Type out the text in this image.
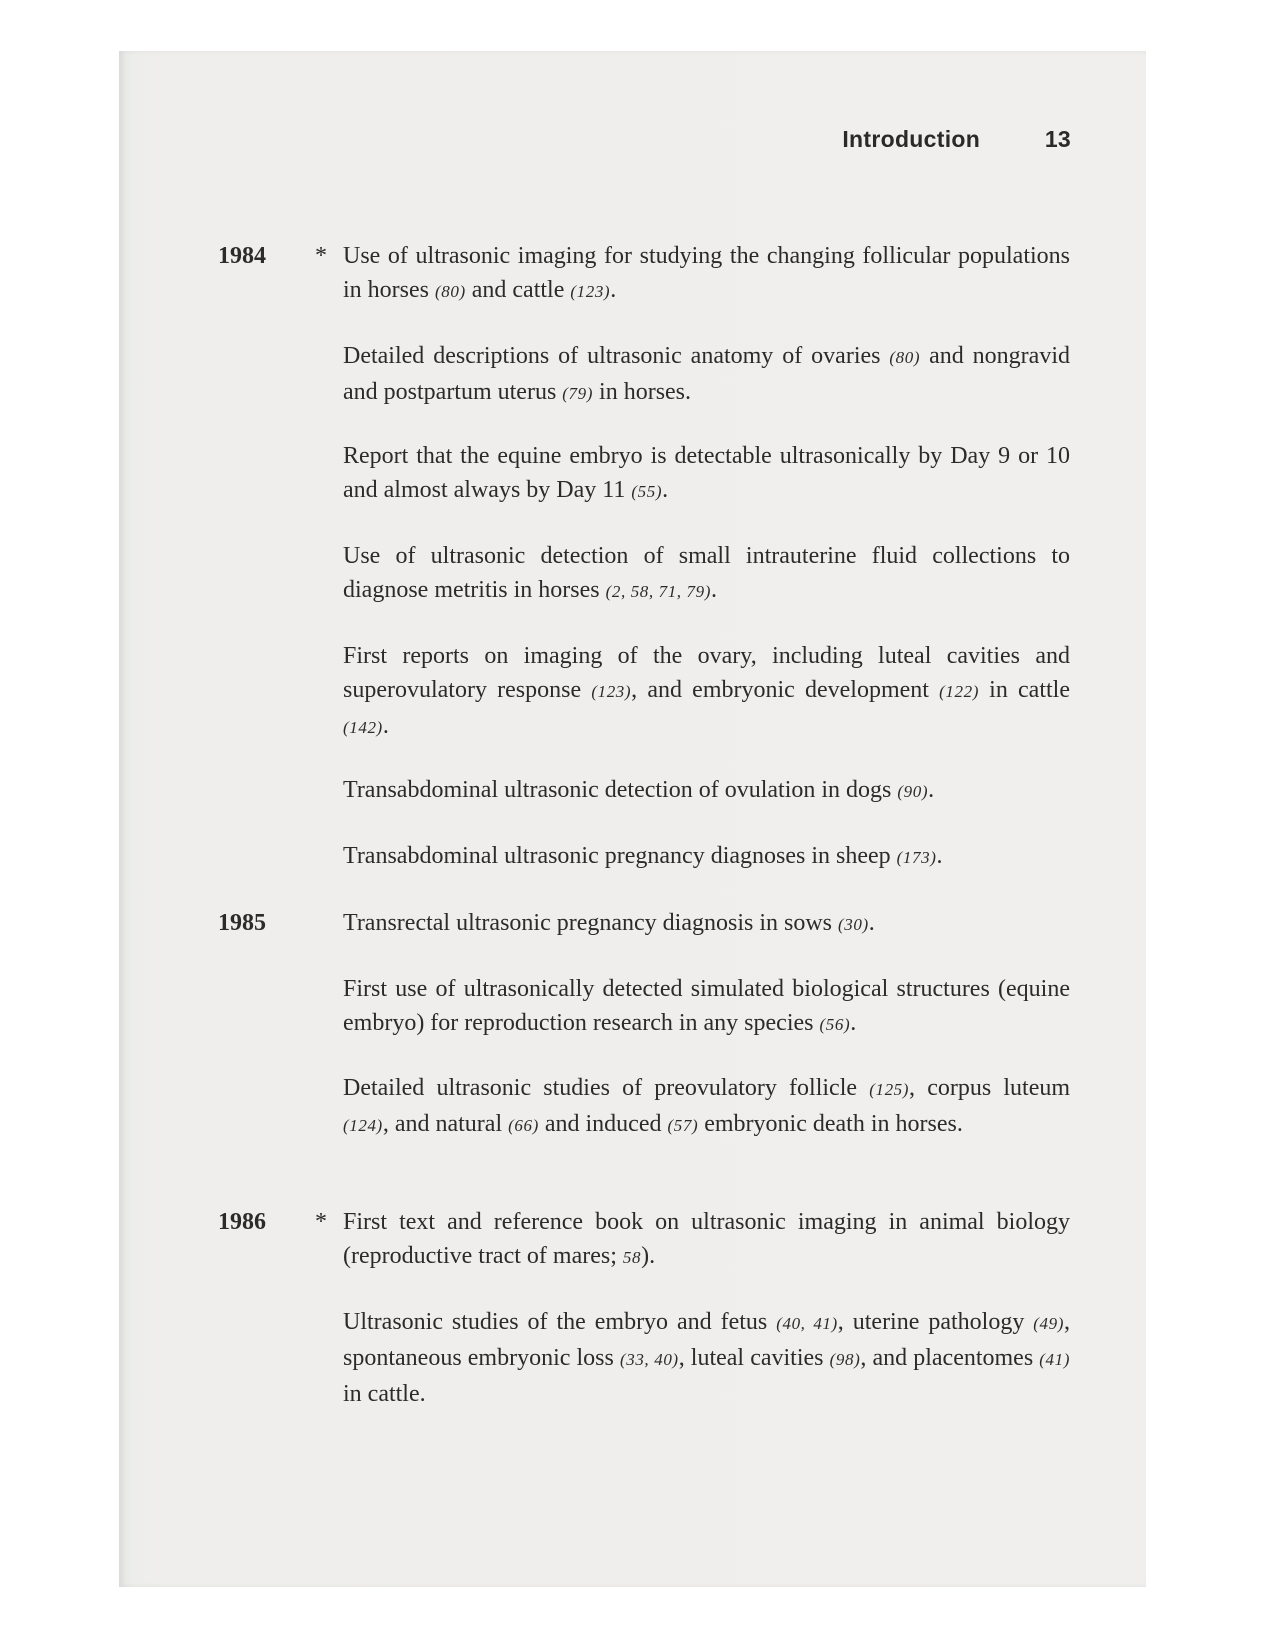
Introduction	13
1984 * Use of ultrasonic imaging for studying the changing follicular populations in horses (80) and cattle (123).
Detailed descriptions of ultrasonic anatomy of ovaries (80) and nongravid and postpartum uterus (79) in horses.
Report that the equine embryo is detectable ultrasonically by Day 9 or 10 and almost always by Day 11 (55).
Use of ultrasonic detection of small intrauterine fluid collections to diagnose metritis in horses (2, 58, 71, 79).
First reports on imaging of the ovary, including luteal cavities and superovulatory response (123), and embryonic development (122) in cattle (142).
Transabdominal ultrasonic detection of ovulation in dogs (90).
Transabdominal ultrasonic pregnancy diagnoses in sheep (173).
1985	Transrectal ultrasonic pregnancy diagnosis in sows (30).
First use of ultrasonically detected simulated biological structures (equine embryo) for reproduction research in any species (56).
Detailed ultrasonic studies of preovulatory follicle (125), corpus luteum (124), and natural (66) and induced (57) embryonic death in horses.
1986 * First text and reference book on ultrasonic imaging in animal biology (reproductive tract of mares; 58).
Ultrasonic studies of the embryo and fetus (40, 41), uterine pathology (49), spontaneous embryonic loss (33, 40), luteal cavities (98), and placentomes (41) in cattle.
